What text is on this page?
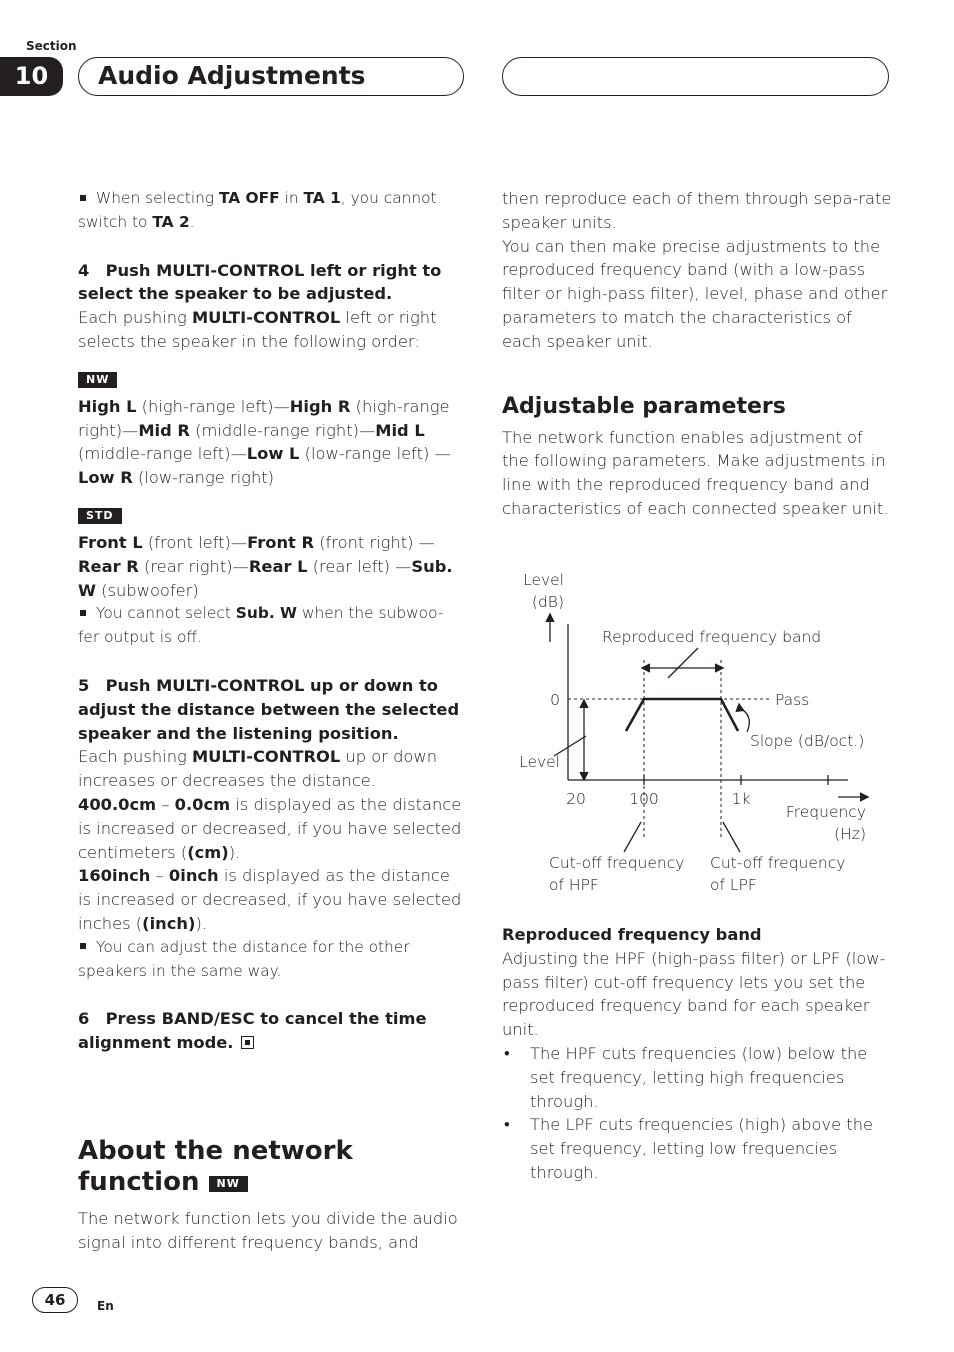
Section
10	Audio Adjustments
When selecting TA OFF in TA 1, you cannot switch to TA 2.
4 Push MULTI-CONTROL left or right to select the speaker to be adjusted.
Each pushing MULTI-CONTROL left or right selects the speaker in the following order:
NW
High L (high-range left)—High R (high-range right)—Mid R (middle-range right)—Mid L (middle-range left)—Low L (low-range left) —Low R (low-range right)
STD
Front L (front left)—Front R (front right) —Rear R (rear right)—Rear L (rear left) —Sub. W (subwoofer)
You cannot select Sub. W when the subwoo-fer output is off.
5 Push MULTI-CONTROL up or down to adjust the distance between the selected speaker and the listening position.
Each pushing MULTI-CONTROL up or down increases or decreases the distance.
400.0cm – 0.0cm is displayed as the distance is increased or decreased, if you have selected centimeters ((cm)).
160inch – 0inch is displayed as the distance is increased or decreased, if you have selected inches ((inch)).
You can adjust the distance for the other speakers in the same way.
6 Press BAND/ESC to cancel the time alignment mode.
About the network
function NW
The network function lets you divide the audio signal into different frequency bands, and
then reproduce each of them through sepa-rate speaker units.
You can then make precise adjustments to the reproduced frequency band (with a low-pass filter or high-pass filter), level, phase and other parameters to match the characteristics of each speaker unit.
Adjustable parameters
The network function enables adjustment of the following parameters. Make adjustments in line with the reproduced frequency band and characteristics of each connected speaker unit.
Level
(dB)
Reproduced frequency band
0	Pass
Slope (dB/oct.)
Level
20	100	1k
Frequency
(Hz)
Cut-off frequency
of HPF
Cut-off frequency
of LPF
Reproduced frequency band
Adjusting the HPF (high-pass filter) or LPF (low-pass filter) cut-off frequency lets you set the reproduced frequency band for each speaker unit.
•	The HPF cuts frequencies (low) below the set frequency, letting high frequencies through.
•	The LPF cuts frequencies (high) above the set frequency, letting low frequencies through.
46	En
